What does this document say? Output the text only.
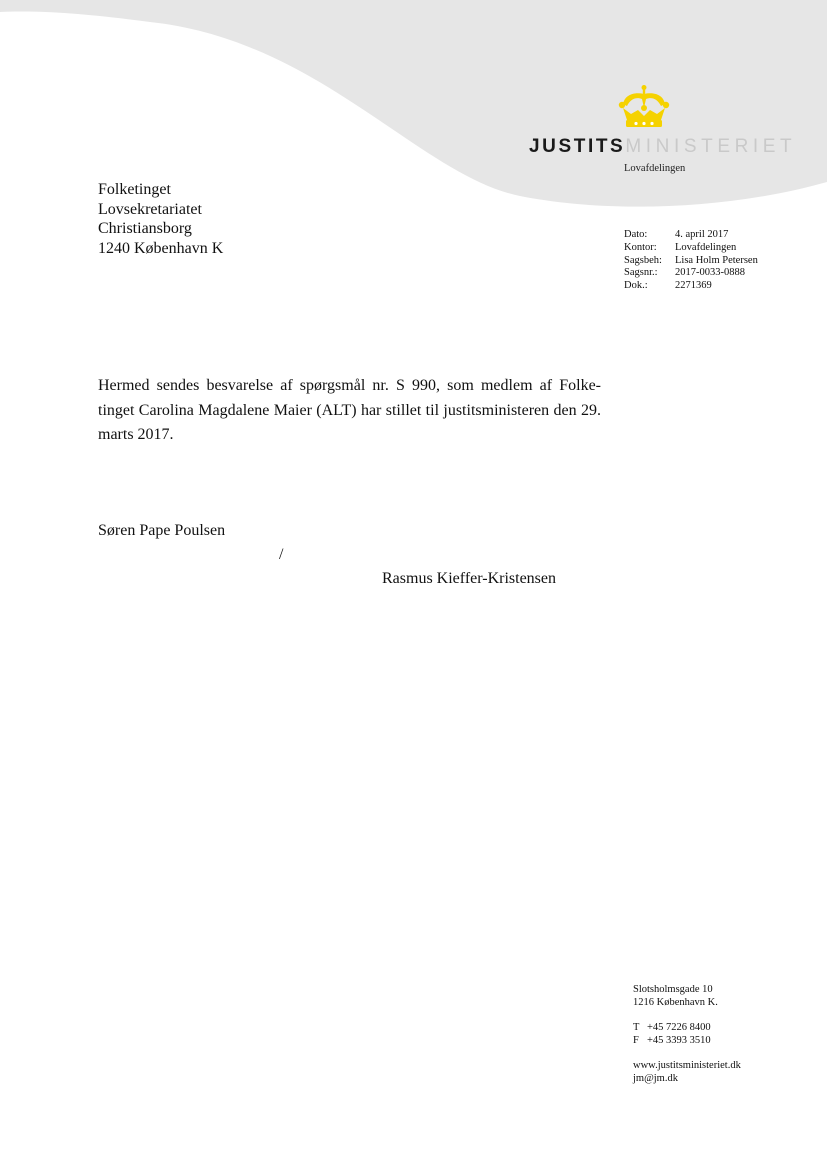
JUSTITSMINISTERIET
Lovafdelingen
Folketinget
Lovsekretariatet
Christiansborg
1240 København K
Dato:	4. april 2017
Kontor:	Lovafdelingen
Sagsbeh:	Lisa Holm Petersen
Sagsnr.:	2017-0033-0888
Dok.:	2271369
Hermed sendes besvarelse af spørgsmål nr. S 990, som medlem af Folke-tinget Carolina Magdalene Maier (ALT) har stillet til justitsministeren den 29. marts 2017.
Søren Pape Poulsen
/
Rasmus Kieffer-Kristensen
Slotsholmsgade 10
1216 København K.
T +45 7226 8400
F +45 3393 3510
www.justitsministeriet.dk
jm@jm.dk
